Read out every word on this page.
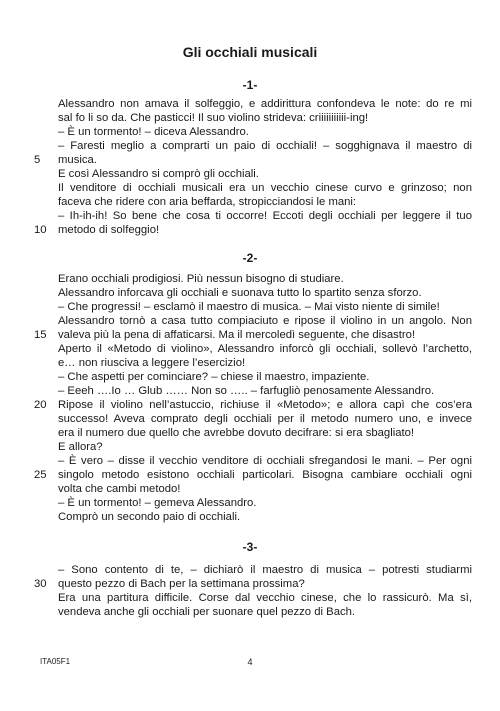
Gli occhiali musicali
-1-
Alessandro non amava il solfeggio, e addirittura confondeva le note: do re mi
sal fo li so da. Che pasticci! Il suo violino strideva: criiiiiiiiiii-ing!
– È un tormento! – diceva Alessandro.
– Faresti meglio a comprarti un paio di occhiali! – sogghignava il maestro di
musica.
E così Alessandro si comprò gli occhiali.
Il venditore di occhiali musicali era un vecchio cinese curvo e grinzoso; non
faceva che ridere con aria beffarda, stropicciandosi le mani:
– Ih-ih-ih! So bene che cosa ti occorre! Eccoti degli occhiali per leggere il tuo
metodo di solfeggio!
-2-
Erano occhiali prodigiosi. Più nessun bisogno di studiare.
Alessandro inforcava gli occhiali e suonava tutto lo spartito senza sforzo.
– Che progressi! – esclamò il maestro di musica. – Mai visto niente di simile!
Alessandro tornò a casa tutto compiaciuto e ripose il violino in un angolo. Non
valeva più la pena di affaticarsi. Ma il mercoledì seguente, che disastro!
Aperto il «Metodo di violino», Alessandro inforcò gli occhiali, sollevò l’archetto,
e… non riusciva a leggere l’esercizio!
– Che aspetti per cominciare? – chiese il maestro, impaziente.
– Eeeh ….Io … Glub …… Non so ….. – farfugliò penosamente Alessandro.
Ripose il violino nell’astuccio, richiuse il «Metodo»; e allora capì che cos’era
successo! Aveva comprato degli occhiali per il metodo numero uno, e invece
era il numero due quello che avrebbe dovuto decifrare: si era sbagliato!
E allora?
– È vero – disse il vecchio venditore di occhiali sfregandosi le mani. – Per ogni
singolo metodo esistono occhiali particolari. Bisogna cambiare occhiali ogni
volta che cambi metodo!
– È un tormento! – gemeva Alessandro.
Comprò un secondo paio di occhiali.
-3-
– Sono contento di te, – dichiarò il maestro di musica – potresti studiarmi
questo pezzo di Bach per la settimana prossima?
Era una partitura difficile. Corse dal vecchio cinese, che lo rassicurò. Ma sì,
vendeva anche gli occhiali per suonare quel pezzo di Bach.
5
10
15
20
25
30
ITA05F1	4
